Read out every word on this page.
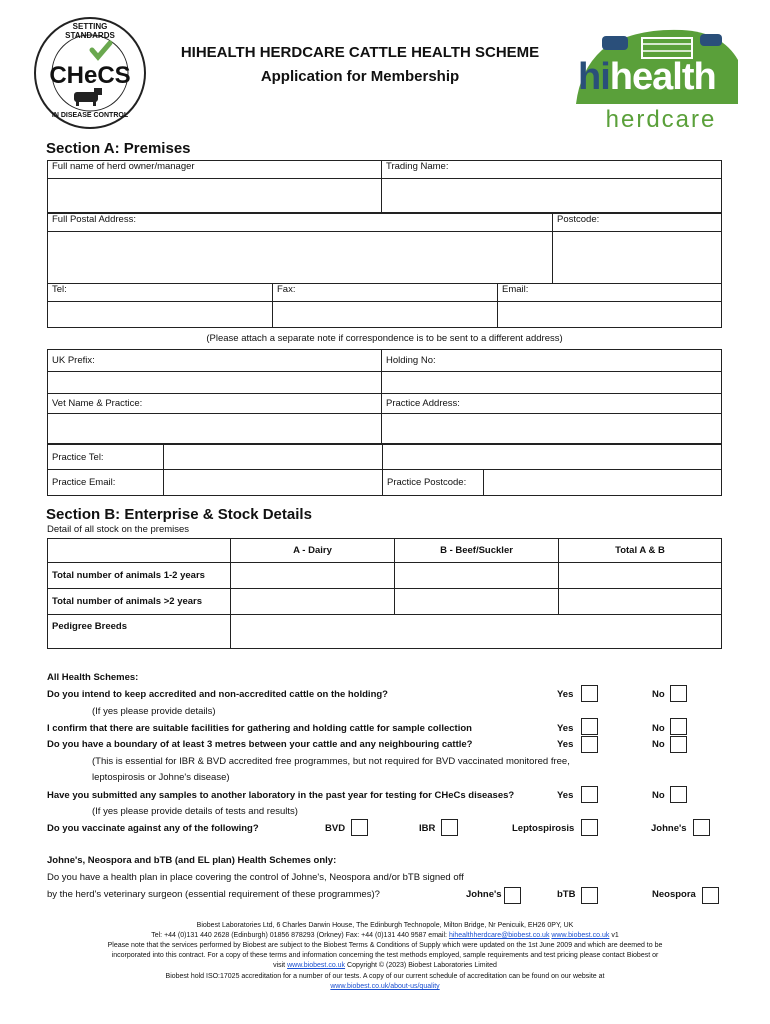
CHeCS
SETTING STANDARDS
IN DISEASE CONTROL
HIHEALTH HERDCARE CATTLE HEALTH SCHEME
Application for Membership	hihealth
herdcare
Section A: Premises
Full name of herd owner/manager	Trading Name:

Full Postal Address:	Postcode:

Tel:	Fax:	Email:

(Please attach a separate note if correspondence is to be sent to a different address)
UK Prefix:	Holding No:

Vet Name & Practice:	Practice Address:

Practice Tel:			
Practice Email:		Practice Postcode:	
Section B: Enterprise & Stock Details
Detail of all stock on the premises
	A - Dairy	B - Beef/Suckler	Total A & B
Total number of animals 1-2 years			
Total number of animals >2 years			
Pedigree Breeds			
All Health Schemes:
Do you intend to keep accredited and non-accredited cattle on the holding?	Yes	No
(If yes please provide details)
I confirm that there are suitable facilities for gathering and holding cattle for sample collection	Yes	No
Do you have a boundary of at least 3 metres between your cattle and any neighbouring cattle?	Yes	No
(This is essential for IBR & BVD accredited free programmes, but not required for BVD vaccinated monitored free,
leptospirosis or Johne's disease)
Have you submitted any samples to another laboratory in the past year for testing for CHeCs diseases?	Yes	No
(If yes please provide details of tests and results)
Do you vaccinate against any of the following?	BVD	IBR	Leptospirosis	Johne's
Johne's, Neospora and bTB (and EL plan) Health Schemes only:
Do you have a health plan in place covering the control of Johne's, Neospora and/or bTB signed off
by the herd's veterinary surgeon (essential requirement of these programmes)?	Johne's	bTB	Neospora
Biobest Laboratories Ltd, 6 Charles Darwin House, The Edinburgh Technopole, Milton Bridge, Nr Penicuik, EH26 0PY, UK
Tel: +44 (0)131 440 2628 (Edinburgh) 01856 878293 (Orkney) Fax: +44 (0)131 440 9587 email: hihealthherdcare@biobest.co.uk www.biobest.co.uk v1
Please note that the services performed by Biobest are subject to the Biobest Terms & Conditions of Supply which were updated on the 1st June 2009 and which are deemed to be
incorporated into this contract. For a copy of these terms and information concerning the test methods employed, sample requirements and test pricing please contact Biobest or
visit www.biobest.co.uk Copyright © (2023) Biobest Laboratories Limited
Biobest hold ISO:17025 accreditation for a number of our tests. A copy of our current schedule of accreditation can be found on our website at
www.biobest.co.uk/about-us/quality
